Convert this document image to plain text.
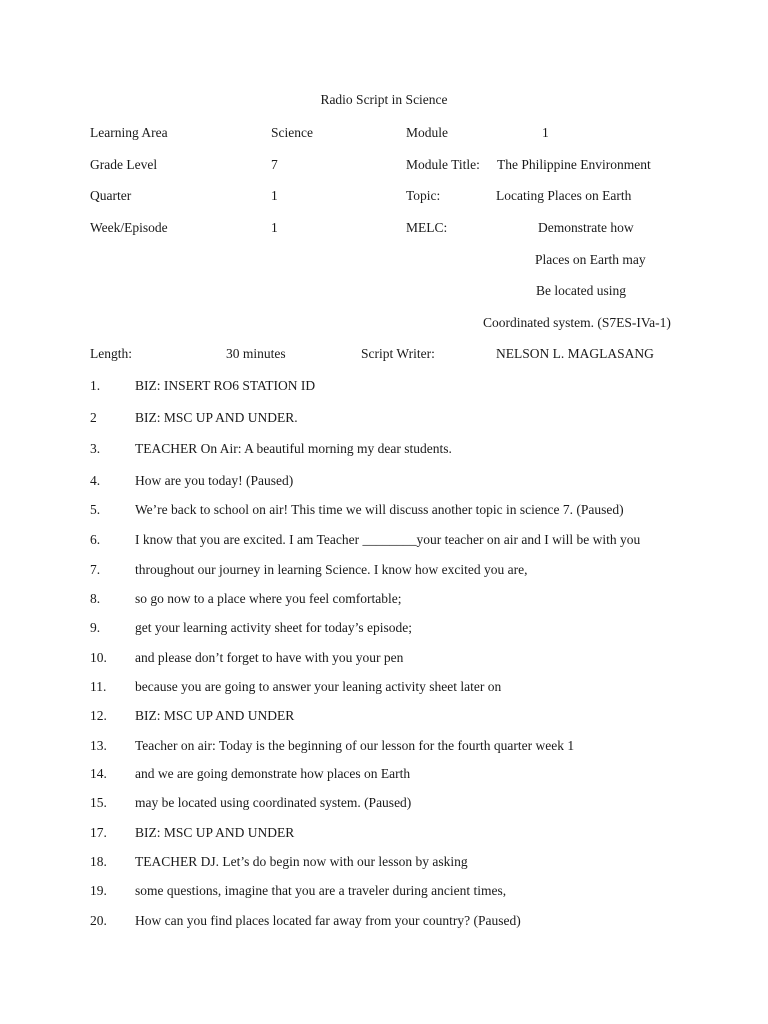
Radio Script in Science
Learning Area	Science	Module	1
Grade Level	7	Module Title: The Philippine Environment
Quarter	1	Topic:	Locating Places on Earth
Week/Episode	1	MELC:	Demonstrate how
Places on Earth may
Be located using
Coordinated system. (S7ES-IVa-1)
Length:	30 minutes	Script Writer:	NELSON L. MAGLASANG
1.	BIZ: INSERT RO6 STATION ID
2	BIZ: MSC UP AND UNDER.
3.	TEACHER On Air: A beautiful morning my dear students.
4.	How are you today! (Paused)
5.	We’re back to school on air! This time we will discuss another topic in science 7. (Paused)
6.	I know that you are excited. I am Teacher ________your teacher on air and I will be with you
7.	throughout our journey in learning Science. I know how excited you are,
8.	so go now to a place where you feel comfortable;
9.	get your learning activity sheet for today’s episode;
10. and please don’t forget to have with you your pen
11. because you are going to answer your leaning activity sheet later on
12. BIZ: MSC UP AND UNDER
13. Teacher on air: Today is the beginning of our lesson for the fourth quarter week 1
14. and we are going demonstrate how places on Earth
15. may be located using coordinated system. (Paused)
17. BIZ: MSC UP AND UNDER
18. TEACHER DJ. Let’s do begin now with our lesson by asking
19. some questions, imagine that you are a traveler during ancient times,
20. How can you find places located far away from your country? (Paused)
